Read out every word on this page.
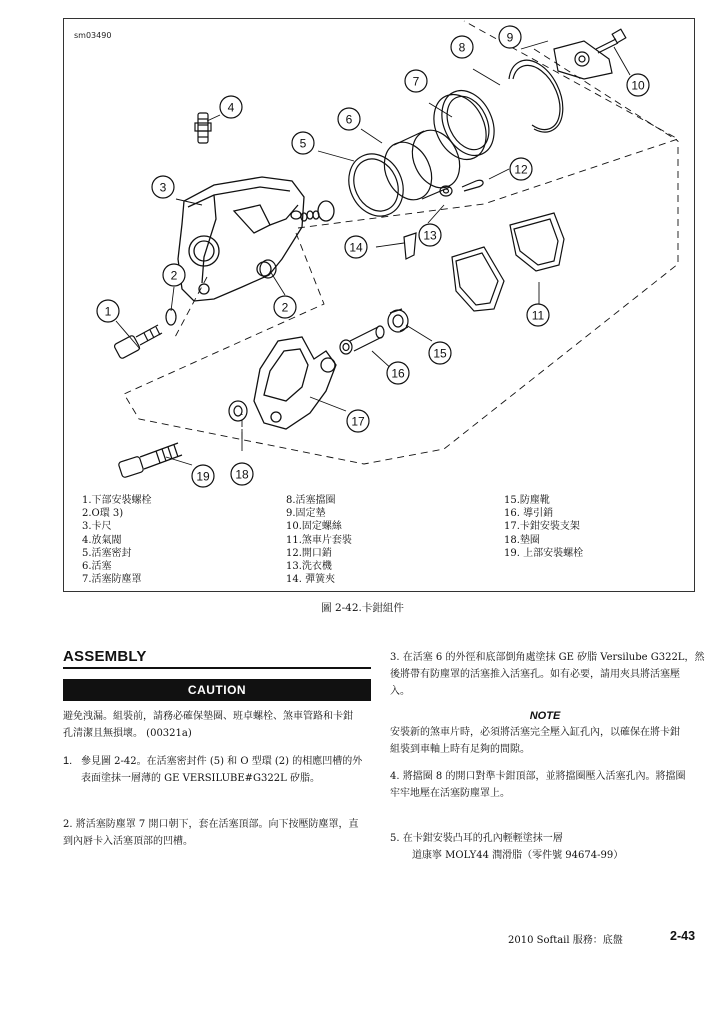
sm03490
1
2
2
3
4
5
6
7
8
9
10
11
12
13
14
15
16
17
18
19
1.下部安裝螺栓
2.O環 3)
3.卡尺
4.放氣閥
5.活塞密封
6.活塞
7.活塞防塵罩
8.活塞擋圈
9.固定墊
10.固定螺絲
11.煞車片套裝
12.開口銷
13.洗衣機
14. 彈簧夾
15.防塵靴
16. 導引銷
17.卡鉗安裝支架
18.墊圈
19. 上部安裝螺栓
圖 2-42.卡鉗組件
ASSEMBLY
CAUTION
避免洩漏。組裝前，請務必確保墊圈、班卓螺栓、煞車管路和卡鉗
孔清潔且無損壞。 (00321a)
1. 參見圖 2-42。在活塞密封件 (5) 和 O 型環 (2) 的相應凹槽的外
表面塗抹一層薄的 GE VERSILUBE#G322L 矽脂。
2. 將活塞防塵罩 7 開口朝下，套在活塞頂部。向下按壓防塵罩，直
到內唇卡入活塞頂部的凹槽。
3. 在活塞 6 的外徑和底部倒角處塗抹 GE 矽脂 Versilube G322L，然
後將帶有防塵罩的活塞推入活塞孔。如有必要，請用夾具將活塞壓
入。
NOTE
安裝新的煞車片時，必須將活塞完全壓入缸孔內，以確保在將卡鉗
組裝到車軸上時有足夠的間隙。
4. 將擋圈 8 的開口對準卡鉗頂部，並將擋圈壓入活塞孔內。將擋圈
牢牢地壓在活塞防塵罩上。
5. 在卡鉗安裝凸耳的孔內輕輕塗抹一層
道康寧 MOLY44 潤滑脂（零件號 94674-99）
2010 Softail 服務：底盤	2-43
